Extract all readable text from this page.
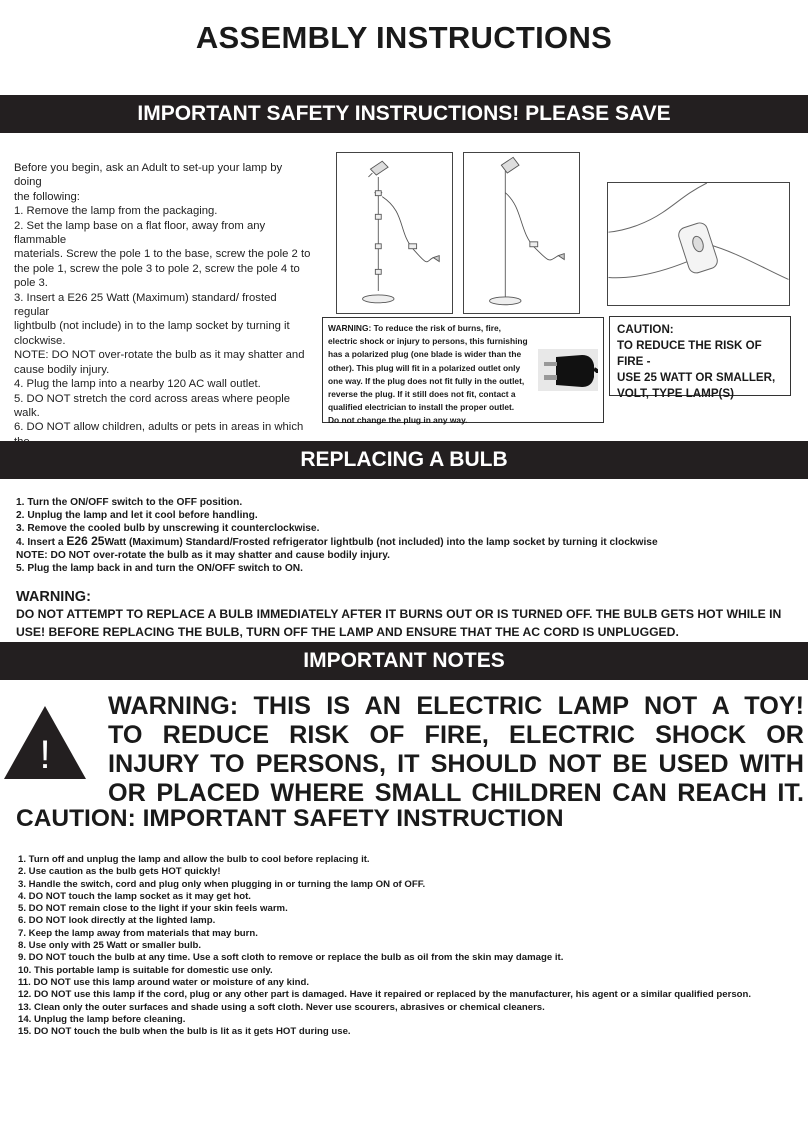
ASSEMBLY INSTRUCTIONS
IMPORTANT SAFETY INSTRUCTIONS! PLEASE SAVE
Before you begin, ask an Adult to set-up your lamp by doing
the following:
1. Remove the lamp from the packaging.
2. Set the lamp base on a flat floor, away from any flammable
materials. Screw the pole 1 to the base, screw the pole 2 to
the pole 1, screw the pole 3 to pole 2, screw the pole 4 to
pole 3.
3. Insert a E26 25 Watt (Maximum) standard/ frosted regular
lightbulb (not include) in to the lamp socket by turning it
clockwise.
NOTE: DO NOT over-rotate the bulb as it may shatter and
cause bodily injury.
4. Plug the lamp into a nearby 120 AC wall outlet.
5. DO NOT stretch the cord across areas where people walk.
6. DO NOT allow children, adults or pets in areas in which
WARNING: To reduce the risk of burns, fire,
electric shock or injury to persons, this furnishing
has a polarized plug (one blade is wider than the
other). This plug will fit in a polarized outlet only
one way. If the plug does not fit fully in the outlet,
reverse the plug. If it still does not fit, contact a
qualified electrician to install the proper outlet.
Do not change the plug in any way.
CAUTION:
TO REDUCE THE RISK OF FIRE -
USE 25 WATT OR SMALLER,
VOLT, TYPE LAMP(S)
REPLACING A BULB
1. Turn the ON/OFF switch to the OFF position.
2. Unplug the lamp and let it cool before handling.
3. Remove the cooled bulb by unscrewing it counterclockwise.
4. Insert a E26 25Watt (Maximum) Standard/Frosted refrigerator lightbulb (not included) into the lamp socket by turning it clockwise
NOTE: DO NOT over-rotate the bulb as it may shatter and cause bodily injury.
5. Plug the lamp back in and turn the ON/OFF switch to ON.
WARNING:
DO NOT ATTEMPT TO REPLACE A BULB IMMEDIATELY AFTER IT BURNS OUT OR IS TURNED OFF. THE BULB GETS HOT WHILE IN USE! BEFORE REPLACING THE BULB, TURN OFF THE LAMP AND ENSURE THAT THE AC CORD IS UNPLUGGED.
IMPORTANT NOTES
!
WARNING: THIS IS AN ELECTRIC LAMP NOT A TOY!
TO REDUCE RISK OF FIRE, ELECTRIC SHOCK OR
INJURY TO PERSONS, IT SHOULD NOT BE USED WITH
OR PLACED WHERE SMALL CHILDREN CAN REACH IT.
CAUTION: IMPORTANT SAFETY INSTRUCTION
1. Turn off and unplug the lamp and allow the bulb to cool before replacing it.
2. Use caution as the bulb gets HOT quickly!
3. Handle the switch, cord and plug only when plugging in or turning the lamp ON of OFF.
4. DO NOT touch the lamp socket as it may get hot.
5. DO NOT remain close to the light if your skin feels warm.
6. DO NOT look directly at the lighted lamp.
7. Keep the lamp away from materials that may burn.
8. Use only with 25 Watt or smaller bulb.
9. DO NOT touch the bulb at any time. Use a soft cloth to remove or replace the bulb as oil from the skin may damage it.
10. This portable lamp is suitable for domestic use only.
11. DO NOT use this lamp around water or moisture of any kind.
12. DO NOT use this lamp if the cord, plug or any other part is damaged. Have it repaired or replaced by the manufacturer, his agent or a similar qualified person.
13. Clean only the outer surfaces and shade using a soft cloth. Never use scourers, abrasives or chemical cleaners.
14. Unplug the lamp before cleaning.
15. DO NOT touch the bulb when the bulb is lit as it gets HOT during use.
